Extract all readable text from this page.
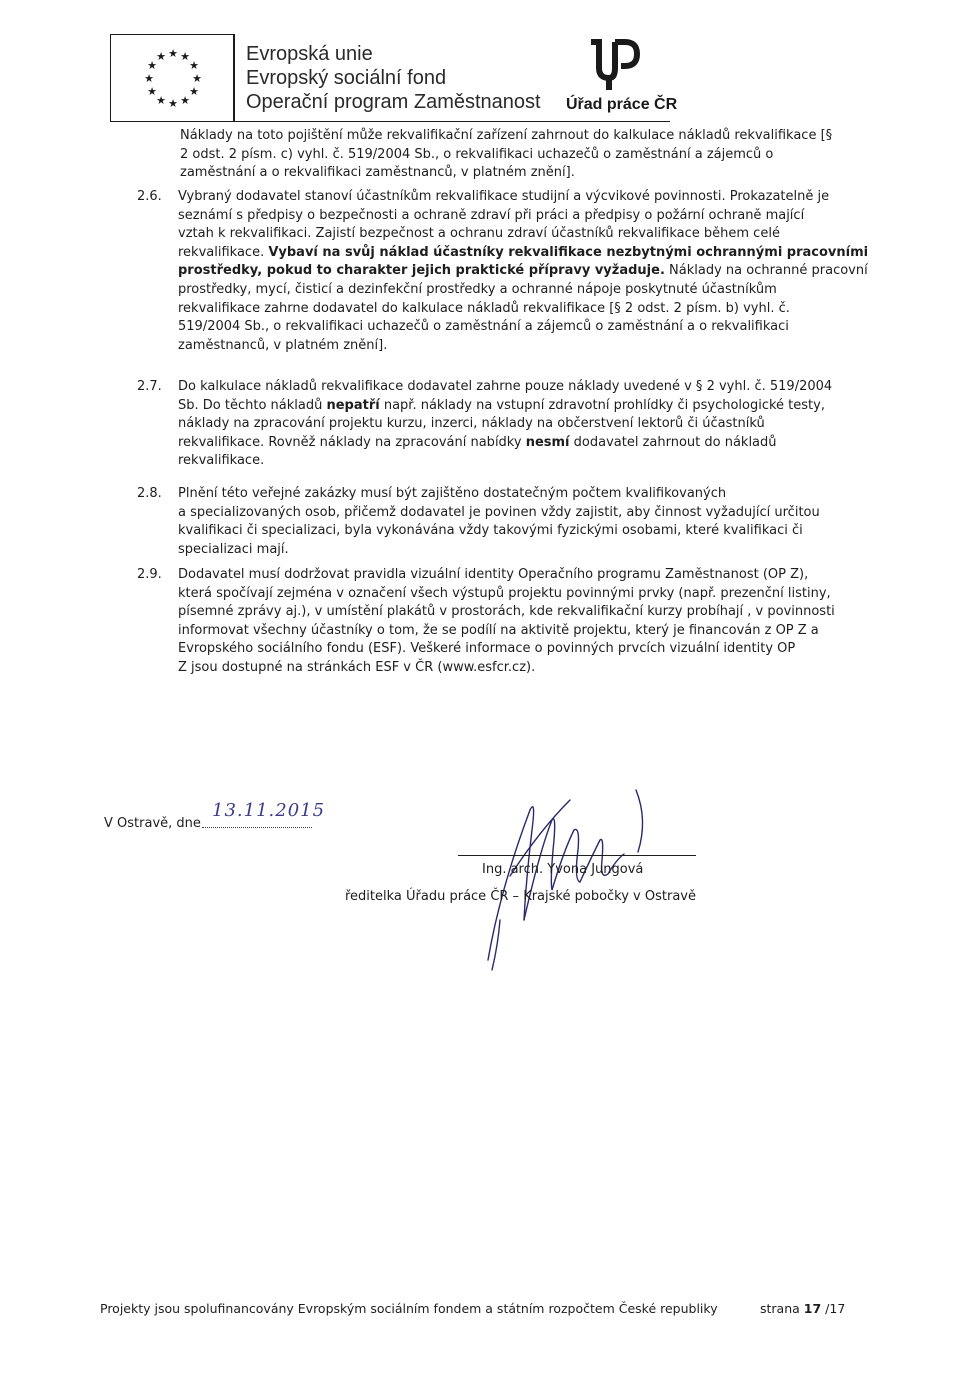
★
★ ★
★	★
★	★
★	★
★ ★
★
Evropská unie
Evropský sociální fond
Operační program Zaměstnanost Úřad práce ČR
Náklady na toto pojištění může rekvalifikační zařízení zahrnout do kalkulace nákladů rekvalifikace [§
2 odst. 2 písm. c) vyhl. č. 519/2004 Sb., o rekvalifikaci uchazečů o zaměstnání a zájemců o
zaměstnání a o rekvalifikaci zaměstnanců, v platném znění].
2.6. Vybraný dodavatel stanoví účastníkům rekvalifikace studijní a výcvikové povinnosti. Prokazatelně je
seznámí s předpisy o bezpečnosti a ochraně zdraví při práci a předpisy o požární ochraně mající
vztah k rekvalifikaci. Zajistí bezpečnost a ochranu zdraví účastníků rekvalifikace během celé
rekvalifikace. Vybaví na svůj náklad účastníky rekvalifikace nezbytnými ochrannými pracovními
prostředky, pokud to charakter jejich praktické přípravy vyžaduje. Náklady na ochranné pracovní
prostředky, mycí, čisticí a dezinfekční prostředky a ochranné nápoje poskytnuté účastníkům
rekvalifikace zahrne dodavatel do kalkulace nákladů rekvalifikace [§ 2 odst. 2 písm. b) vyhl. č.
519/2004 Sb., o rekvalifikaci uchazečů o zaměstnání a zájemců o zaměstnání a o rekvalifikaci
zaměstnanců, v platném znění].
2.7. Do kalkulace nákladů rekvalifikace dodavatel zahrne pouze náklady uvedené v § 2 vyhl. č. 519/2004
Sb. Do těchto nákladů nepatří např. náklady na vstupní zdravotní prohlídky či psychologické testy,
náklady na zpracování projektu kurzu, inzerci, náklady na občerstvení lektorů či účastníků
rekvalifikace. Rovněž náklady na zpracování nabídky nesmí dodavatel zahrnout do nákladů
rekvalifikace.
2.8. Plnění této veřejné zakázky musí být zajištěno dostatečným počtem kvalifikovaných
a specializovaných osob, přičemž dodavatel je povinen vždy zajistit, aby činnost vyžadující určitou
kvalifikaci či specializaci, byla vykonávána vždy takovými fyzickými osobami, které kvalifikaci či
specializaci mají.
2.9. Dodavatel musí dodržovat pravidla vizuální identity Operačního programu Zaměstnanost (OP Z),
která spočívají zejména v označení všech výstupů projektu povinnými prvky (např. prezenční listiny,
písemné zprávy aj.), v umístění plakátů v prostorách, kde rekvalifikační kurzy probíhají , v povinnosti
informovat všechny účastníky o tom, že se podílí na aktivitě projektu, který je financován z OP Z a
Evropského sociálního fondu (ESF). Veškeré informace o povinných prvcích vizuální identity OP
Z jsou dostupné na stránkách ESF v ČR (www.esfcr.cz).
V Ostravě, dne
13.11.2015
Ing. arch. Yvona Jungová
ředitelka Úřadu práce ČR – Krajské pobočky v Ostravě
Projekty jsou spolufinancovány Evropským sociálním fondem a státním rozpočtem České republiky	strana 17 /17
